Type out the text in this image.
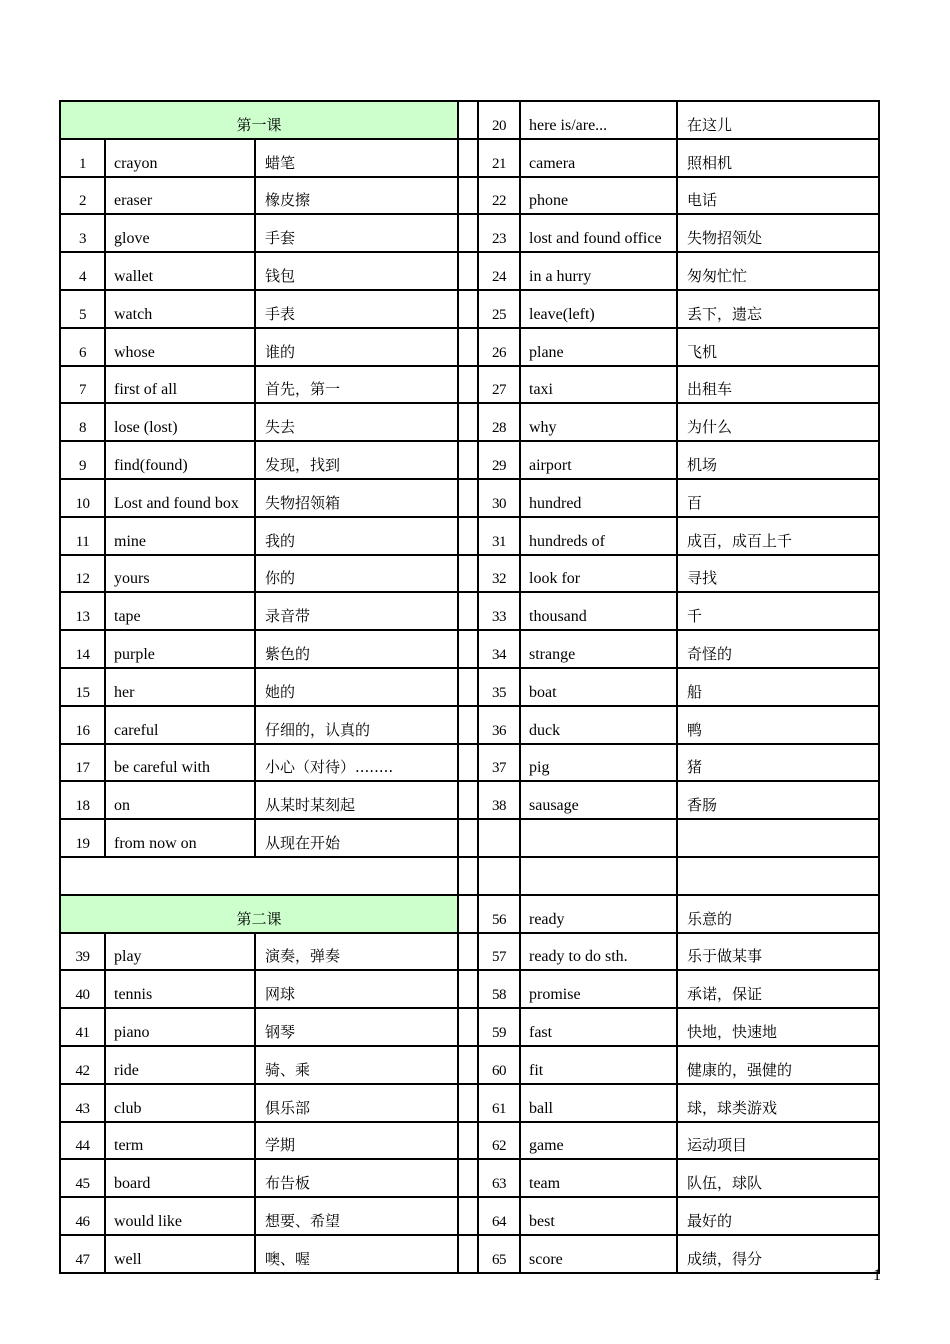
第一课				20	here is/are...	在这儿
1	crayon	蜡笔		21	camera	照相机
2	eraser	橡皮擦		22	phone	电话
3	glove	手套		23	lost and found office	失物招领处
4	wallet	钱包		24	in a hurry	匆匆忙忙
5	watch	手表		25	leave(left)	丢下，遗忘
6	whose	谁的		26	plane	飞机
7	first of all	首先，第一		27	taxi	出租车
8	lose (lost)	失去		28	why	为什么
9	find(found)	发现，找到		29	airport	机场
10	Lost and found box	失物招领箱		30	hundred	百
11	mine	我的		31	hundreds of	成百，成百上千
12	yours	你的		32	look for	寻找
13	tape	录音带		33	thousand	千
14	purple	紫色的		34	strange	奇怪的
15	her	她的		35	boat	船
16	careful	仔细的，认真的		36	duck	鸭
17	be careful with	小心（对待）........		37	pig	猪
18	on	从某时某刻起		38	sausage	香肠
19	from now on	从现在开始				

第二课				56	ready	乐意的
39	play	演奏，弹奏		57	ready to do sth.	乐于做某事
40	tennis	网球		58	promise	承诺，保证
41	piano	钢琴		59	fast	快地，快速地
42	ride	骑、乘		60	fit	健康的，强健的
43	club	俱乐部		61	ball	球，球类游戏
44	term	学期		62	game	运动项目
45	board	布告板		63	team	队伍，球队
46	would like	想要、希望		64	best	最好的
47	well	噢、喔		65	score	成绩，得分
1
